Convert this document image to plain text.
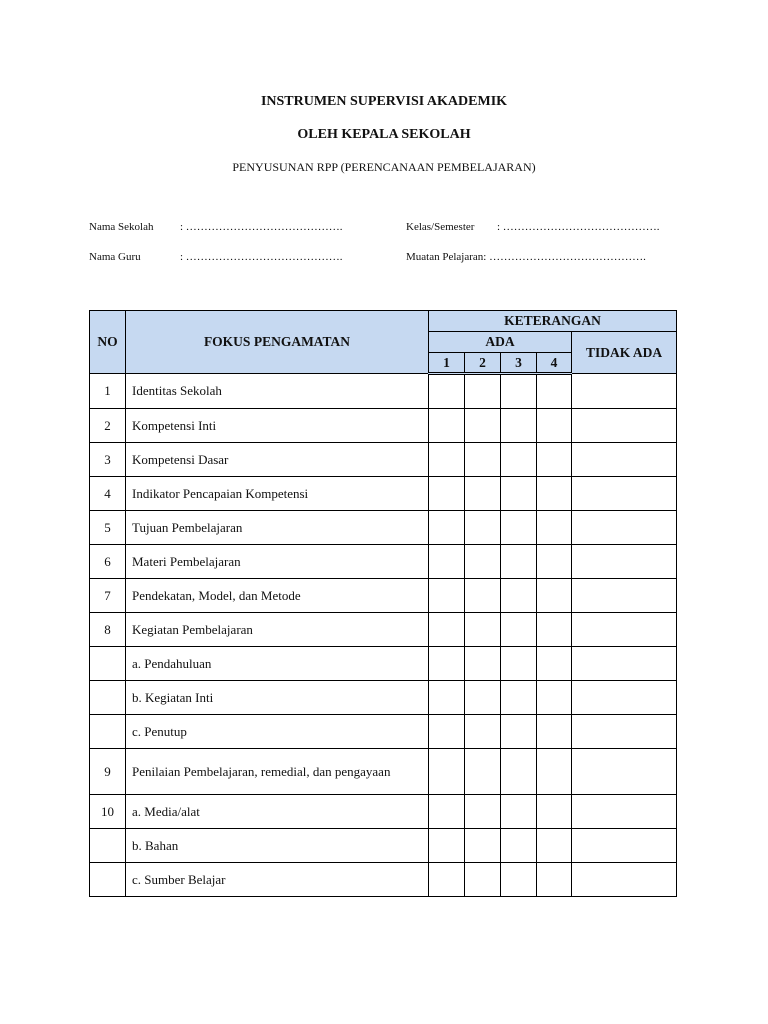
INSTRUMEN SUPERVISI AKADEMIK
OLEH KEPALA SEKOLAH
PENYUSUNAN RPP (PERENCANAAN PEMBELAJARAN)
Nama Sekolah : …………………………………….
Nama Guru	: …………………………………….
Kelas/Semester : …………………………………….
Muatan Pelajaran: …………………………………….
NO	FOKUS PENGAMATAN	KETERANGAN				
		ADA				TIDAK ADA
		1	2	3	4	
1	Identitas Sekolah					
2	Kompetensi Inti					
3	Kompetensi Dasar					
4	Indikator Pencapaian Kompetensi					
5	Tujuan Pembelajaran					
6	Materi Pembelajaran					
7	Pendekatan, Model, dan Metode					
8	Kegiatan Pembelajaran					
	a. Pendahuluan					
	b. Kegiatan Inti					
	c. Penutup					
9	Penilaian Pembelajaran, remedial, dan pengayaan					
10	a. Media/alat					
	b. Bahan					
	c. Sumber Belajar					
